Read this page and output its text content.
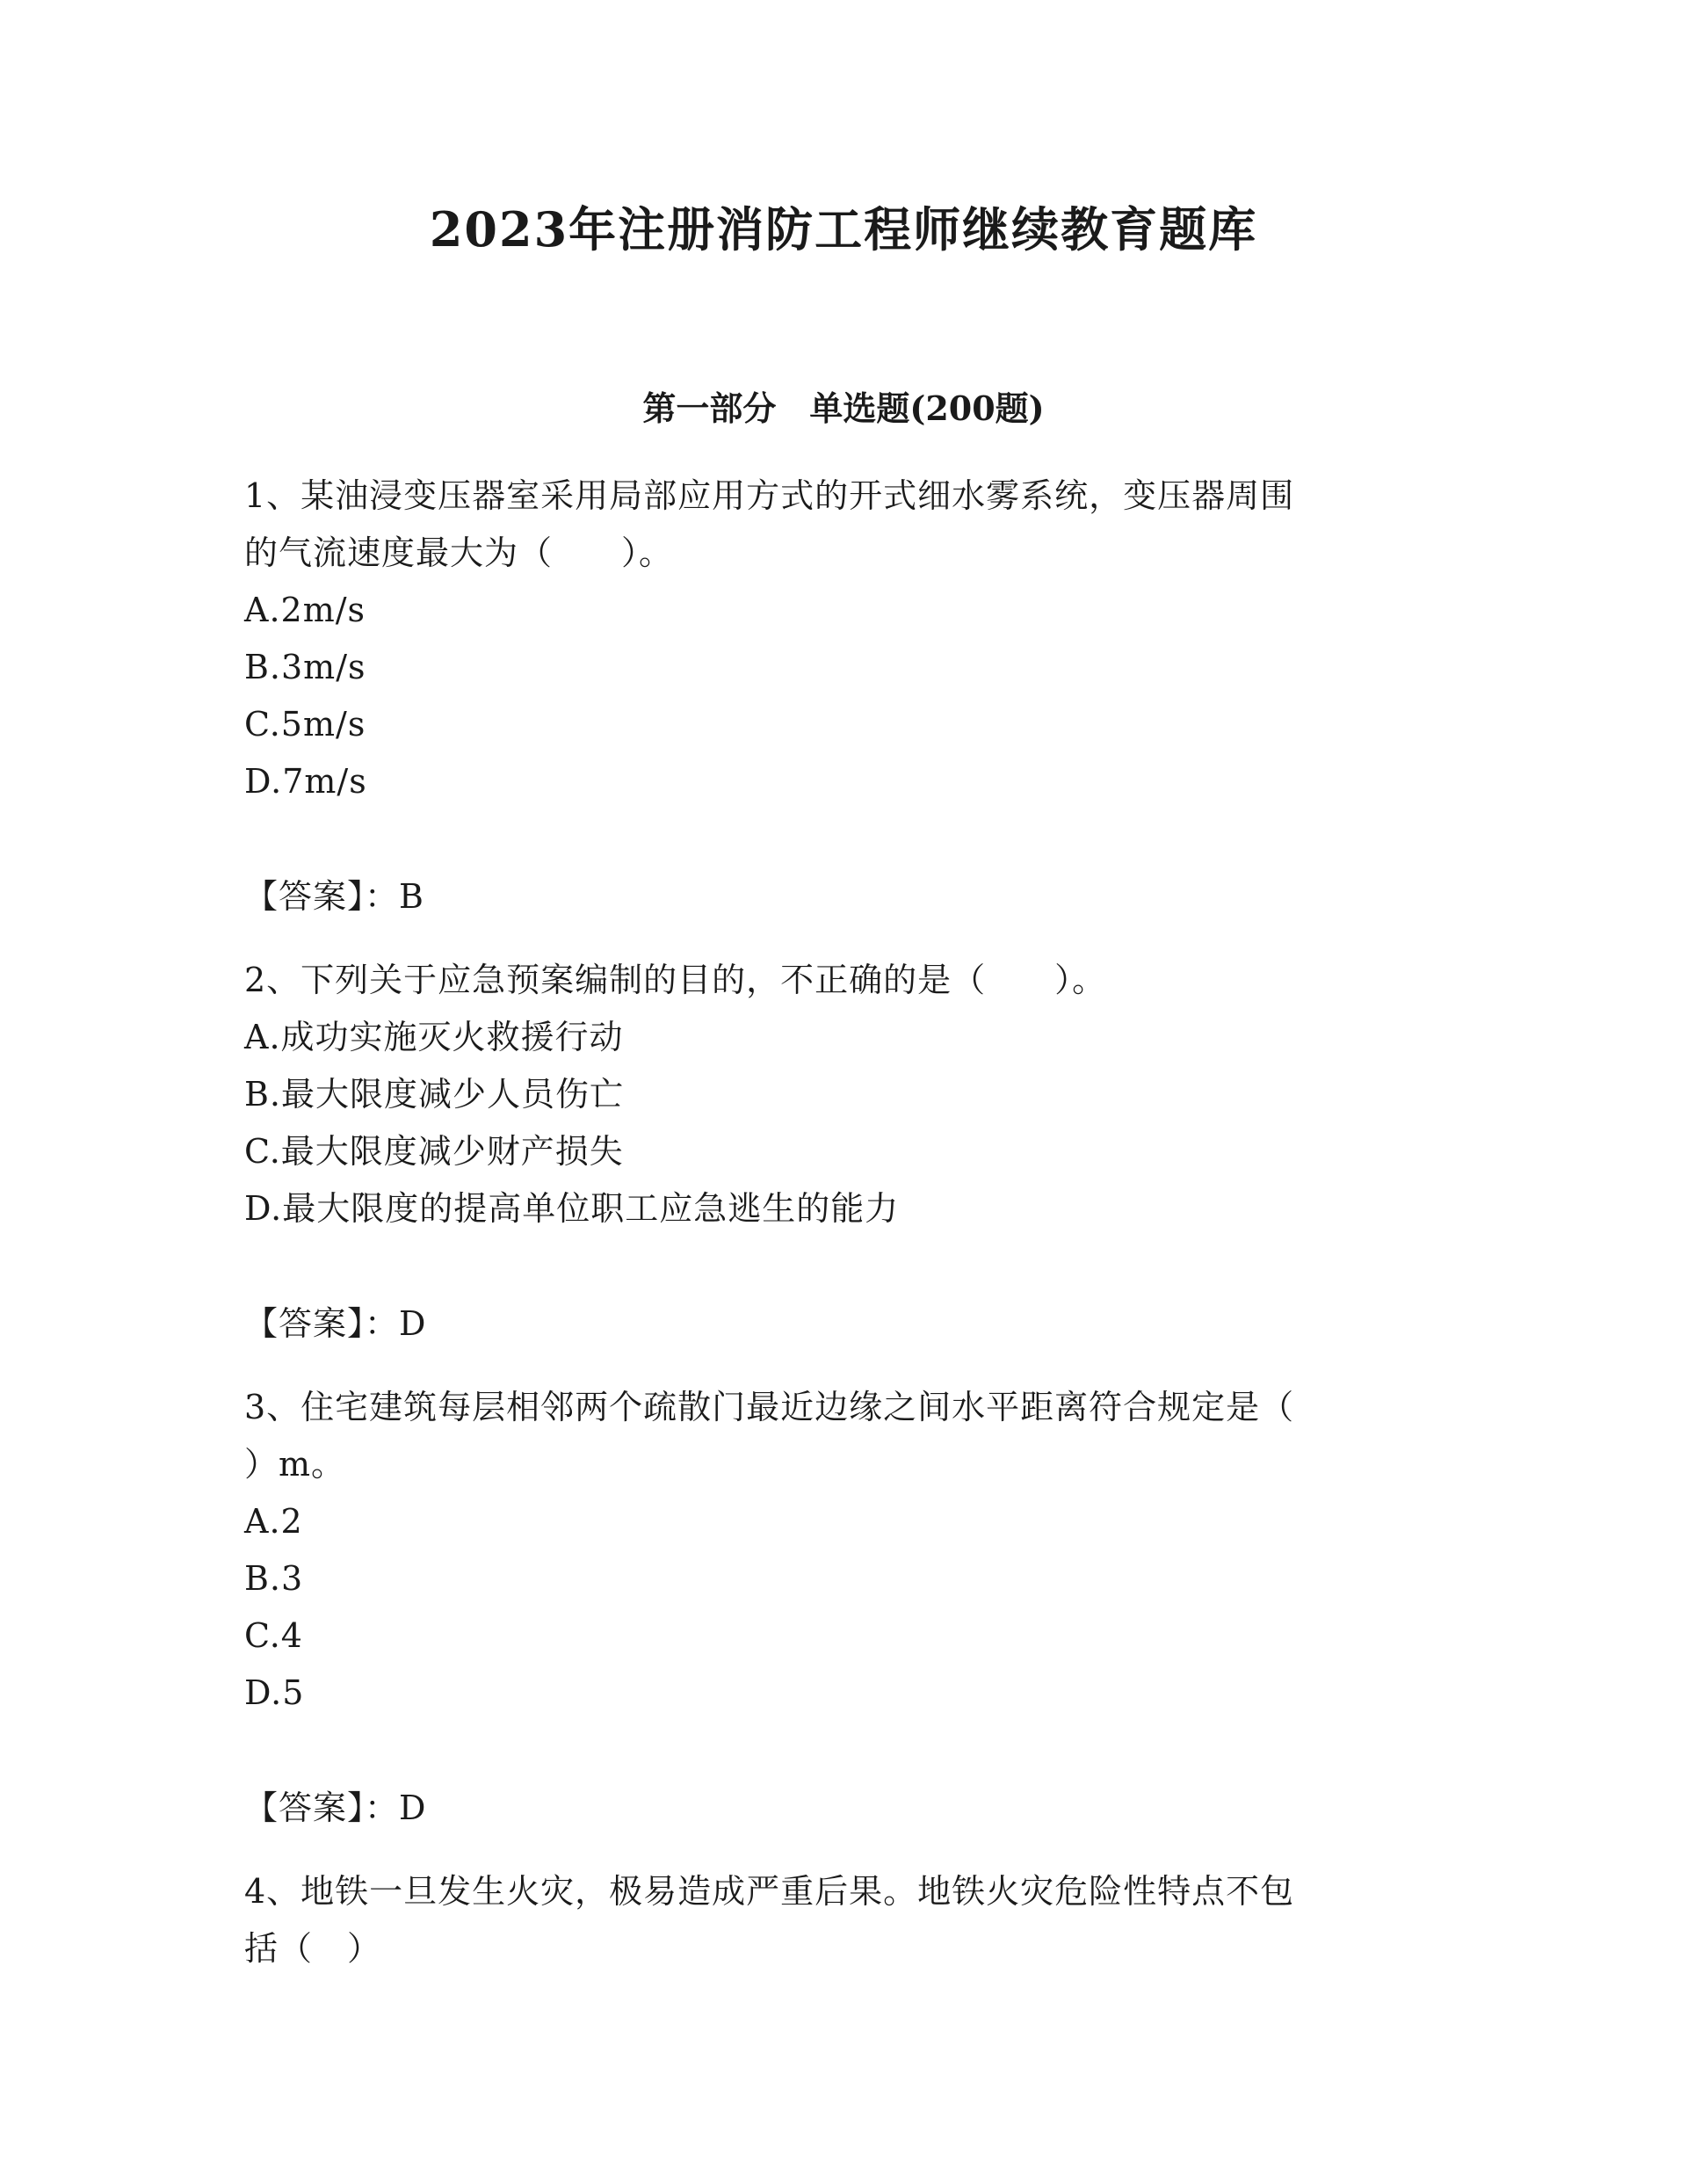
2023年注册消防工程师继续教育题库
第一部分　单选题(200题)

1、某油浸变压器室采用局部应用方式的开式细水雾系统，变压器周围

的气流速度最大为（　　）。

A.2m/s

B.3m/s

C.5m/s

D.7m/s

【答案】：B

2、下列关于应急预案编制的目的，不正确的是（　　）。

A.成功实施灭火救援行动

B.最大限度减少人员伤亡

C.最大限度减少财产损失

D.最大限度的提高单位职工应急逃生的能力

【答案】：D

3、住宅建筑每层相邻两个疏散门最近边缘之间水平距离符合规定是（

）m。

A.2

B.3

C.4

D.5

【答案】：D

4、地铁一旦发生火灾，极易造成严重后果。地铁火灾危险性特点不包

括（　）
